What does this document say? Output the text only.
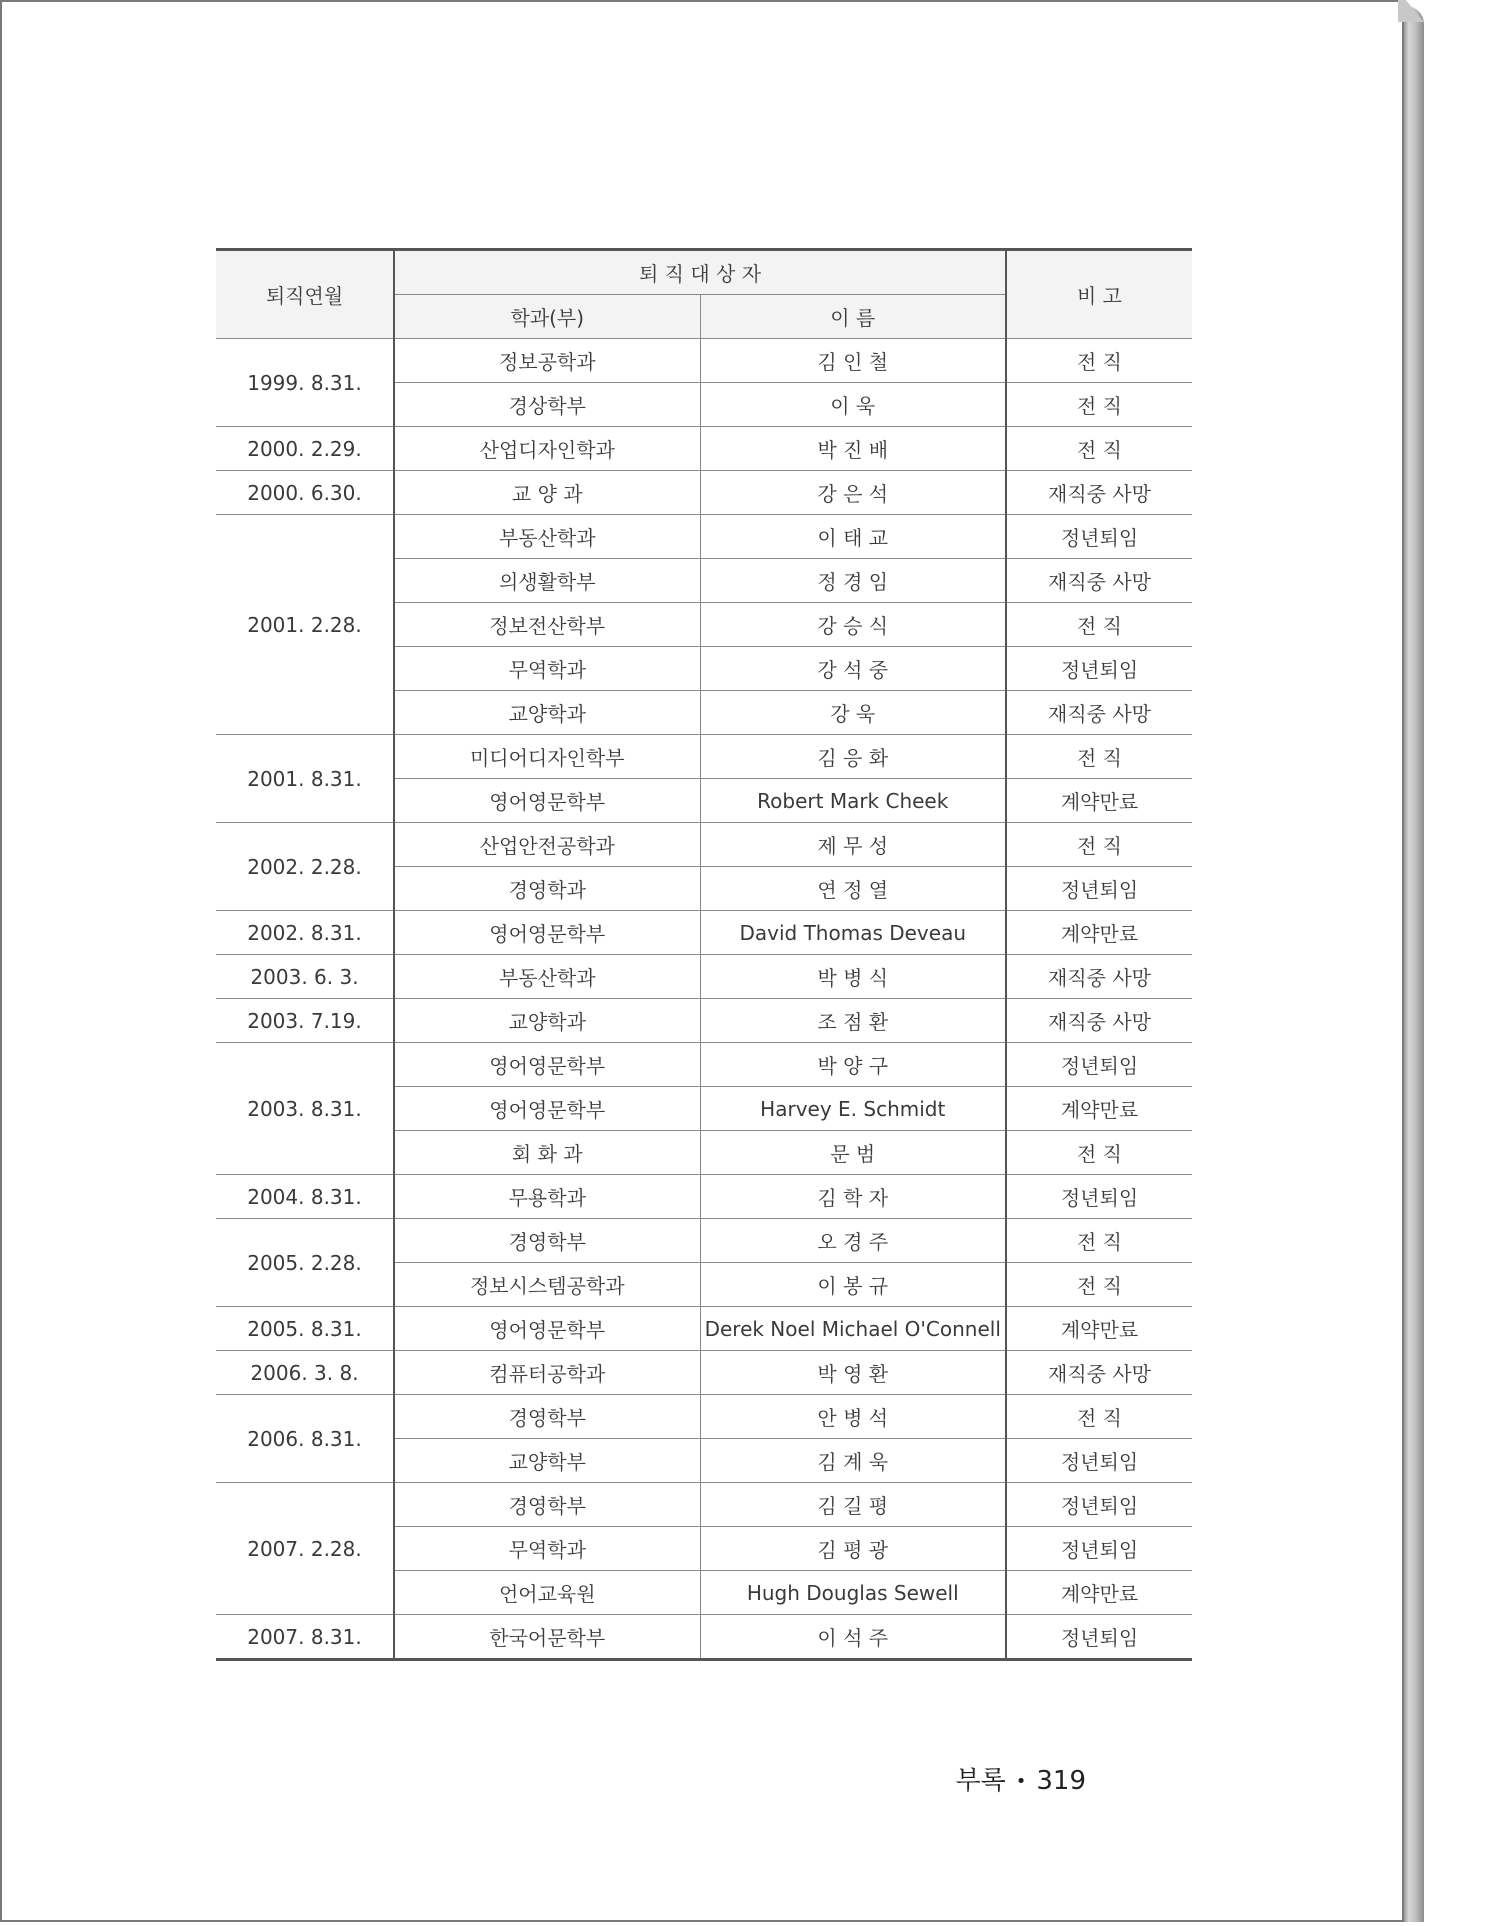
퇴직연월	퇴 직 대 상 자		비 고
	학과(부)	이 름	
1999. 8.31.	정보공학과	김 인 철	전 직
	경상학부	이 욱	전 직
2000. 2.29.	산업디자인학과	박 진 배	전 직
2000. 6.30.	교 양 과	강 은 석	재직중 사망
2001. 2.28.	부동산학과	이 태 교	정년퇴임
	의생활학부	정 경 임	재직중 사망
	정보전산학부	강 승 식	전 직
	무역학과	강 석 중	정년퇴임
	교양학과	강 욱	재직중 사망
2001. 8.31.	미디어디자인학부	김 응 화	전 직
	영어영문학부	Robert Mark Cheek	계약만료
2002. 2.28.	산업안전공학과	제 무 성	전 직
	경영학과	연 정 열	정년퇴임
2002. 8.31.	영어영문학부	David Thomas Deveau	계약만료
2003. 6. 3.	부동산학과	박 병 식	재직중 사망
2003. 7.19.	교양학과	조 점 환	재직중 사망
2003. 8.31.	영어영문학부	박 양 구	정년퇴임
	영어영문학부	Harvey E. Schmidt	계약만료
	회 화 과	문 범	전 직
2004. 8.31.	무용학과	김 학 자	정년퇴임
2005. 2.28.	경영학부	오 경 주	전 직
	정보시스템공학과	이 봉 규	전 직
2005. 8.31.	영어영문학부	Derek Noel Michael O'Connell	계약만료
2006. 3. 8.	컴퓨터공학과	박 영 환	재직중 사망
2006. 8.31.	경영학부	안 병 석	전 직
	교양학부	김 계 욱	정년퇴임
2007. 2.28.	경영학부	김 길 평	정년퇴임
	무역학과	김 평 광	정년퇴임
	언어교육원	Hugh Douglas Sewell	계약만료
2007. 8.31.	한국어문학부	이 석 주	정년퇴임
부록 • 319
